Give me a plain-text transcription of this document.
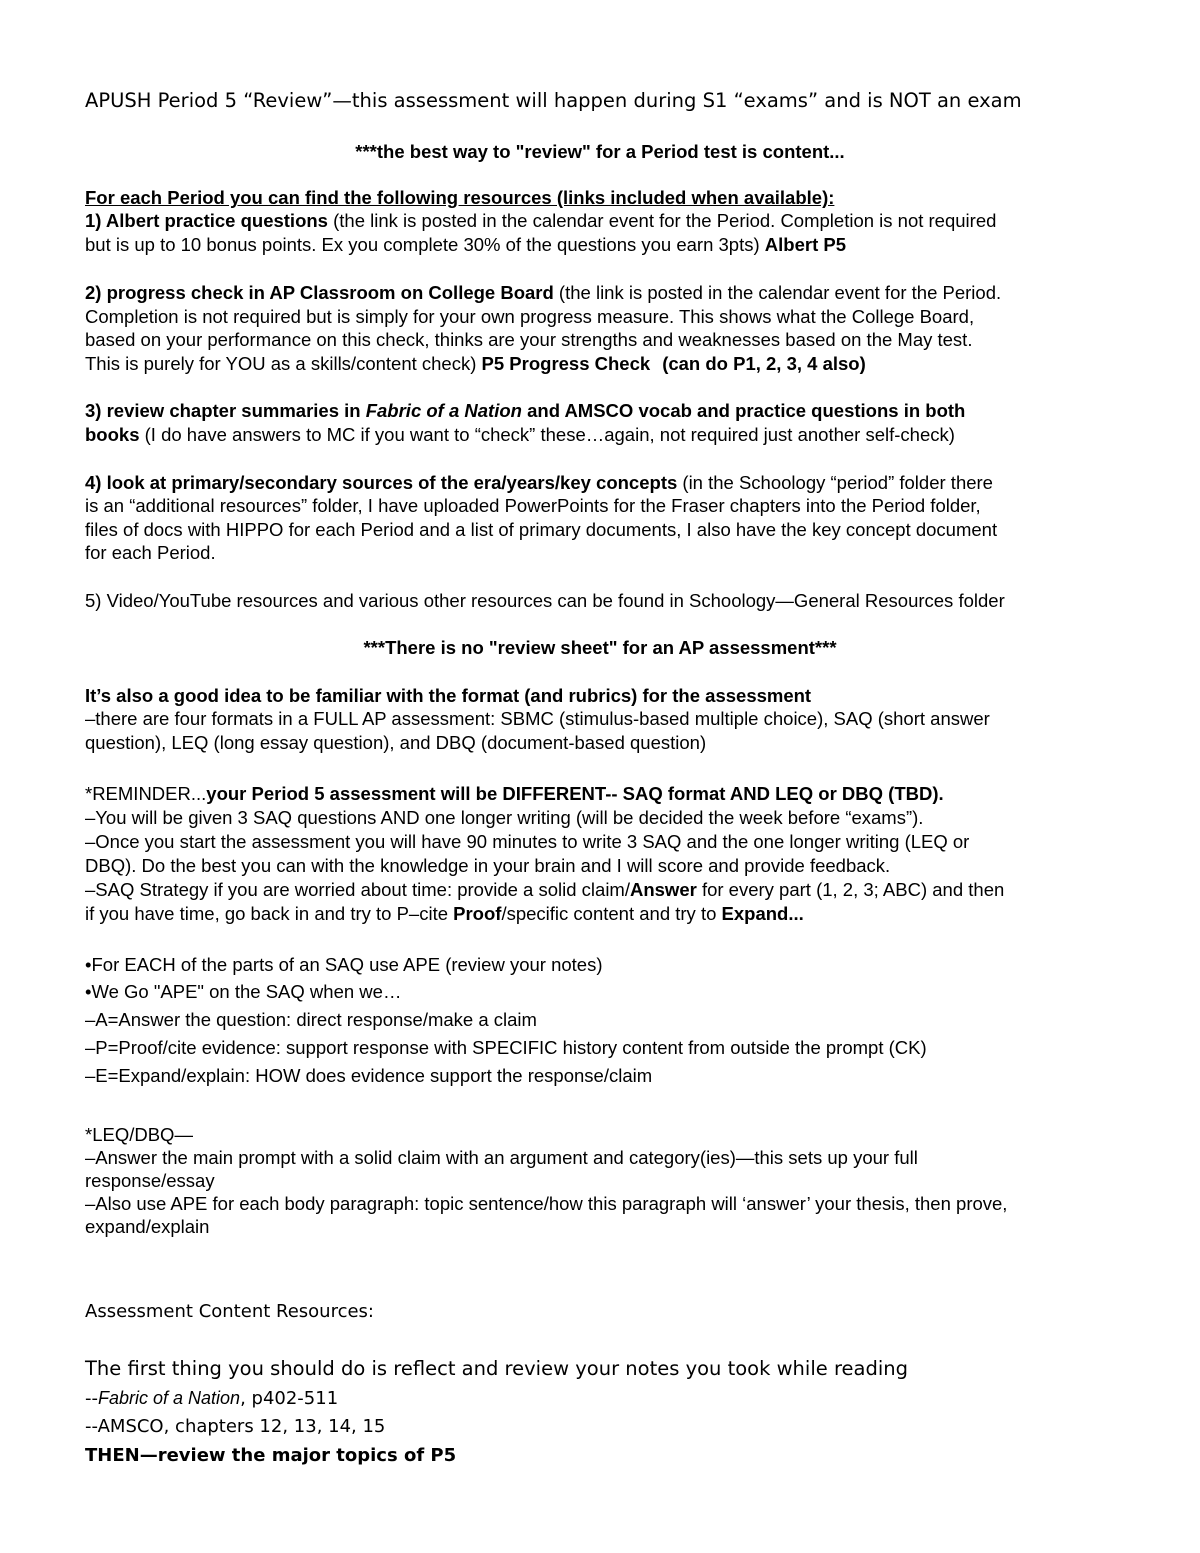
APUSH Period 5 “Review”—this assessment will happen during S1 “exams” and is NOT an exam
***the best way to "review" for a Period test is content...
For each Period you can find the following resources (links included when available):
1) Albert practice questions (the link is posted in the calendar event for the Period. Completion is not required
but is up to 10 bonus points. Ex you complete 30% of the questions you earn 3pts) Albert P5
2) progress check in AP Classroom on College Board (the link is posted in the calendar event for the Period.
Completion is not required but is simply for your own progress measure. This shows what the College Board,
based on your performance on this check, thinks are your strengths and weaknesses based on the May test.
This is purely for YOU as a skills/content check) P5 Progress Check (can do P1, 2, 3, 4 also)
3) review chapter summaries in Fabric of a Nation and AMSCO vocab and practice questions in both
books (I do have answers to MC if you want to “check” these…again, not required just another self-check)
4) look at primary/secondary sources of the era/years/key concepts (in the Schoology “period” folder there
is an “additional resources” folder, I have uploaded PowerPoints for the Fraser chapters into the Period folder,
files of docs with HIPPO for each Period and a list of primary documents, I also have the key concept document
for each Period.
5) Video/YouTube resources and various other resources can be found in Schoology—General Resources folder
***There is no "review sheet" for an AP assessment***
It’s also a good idea to be familiar with the format (and rubrics) for the assessment
–there are four formats in a FULL AP assessment: SBMC (stimulus-based multiple choice), SAQ (short answer
question), LEQ (long essay question), and DBQ (document-based question)
*REMINDER...your Period 5 assessment will be DIFFERENT-- SAQ format AND LEQ or DBQ (TBD).
–You will be given 3 SAQ questions AND one longer writing (will be decided the week before “exams”).
–Once you start the assessment you will have 90 minutes to write 3 SAQ and the one longer writing (LEQ or
DBQ). Do the best you can with the knowledge in your brain and I will score and provide feedback.
–SAQ Strategy if you are worried about time: provide a solid claim/Answer for every part (1, 2, 3; ABC) and then
if you have time, go back in and try to P–cite Proof/specific content and try to Expand...
•For EACH of the parts of an SAQ use APE (review your notes)
•We Go "APE" on the SAQ when we…
–A=Answer the question: direct response/make a claim
–P=Proof/cite evidence: support response with SPECIFIC history content from outside the prompt (CK)
–E=Expand/explain: HOW does evidence support the response/claim
*LEQ/DBQ—
–Answer the main prompt with a solid claim with an argument and category(ies)—this sets up your full
response/essay
–Also use APE for each body paragraph: topic sentence/how this paragraph will ‘answer’ your thesis, then prove,
expand/explain
Assessment Content Resources:
The first thing you should do is reflect and review your notes you took while reading
--Fabric of a Nation, p402-511
--AMSCO, chapters 12, 13, 14, 15
THEN—review the major topics of P5
